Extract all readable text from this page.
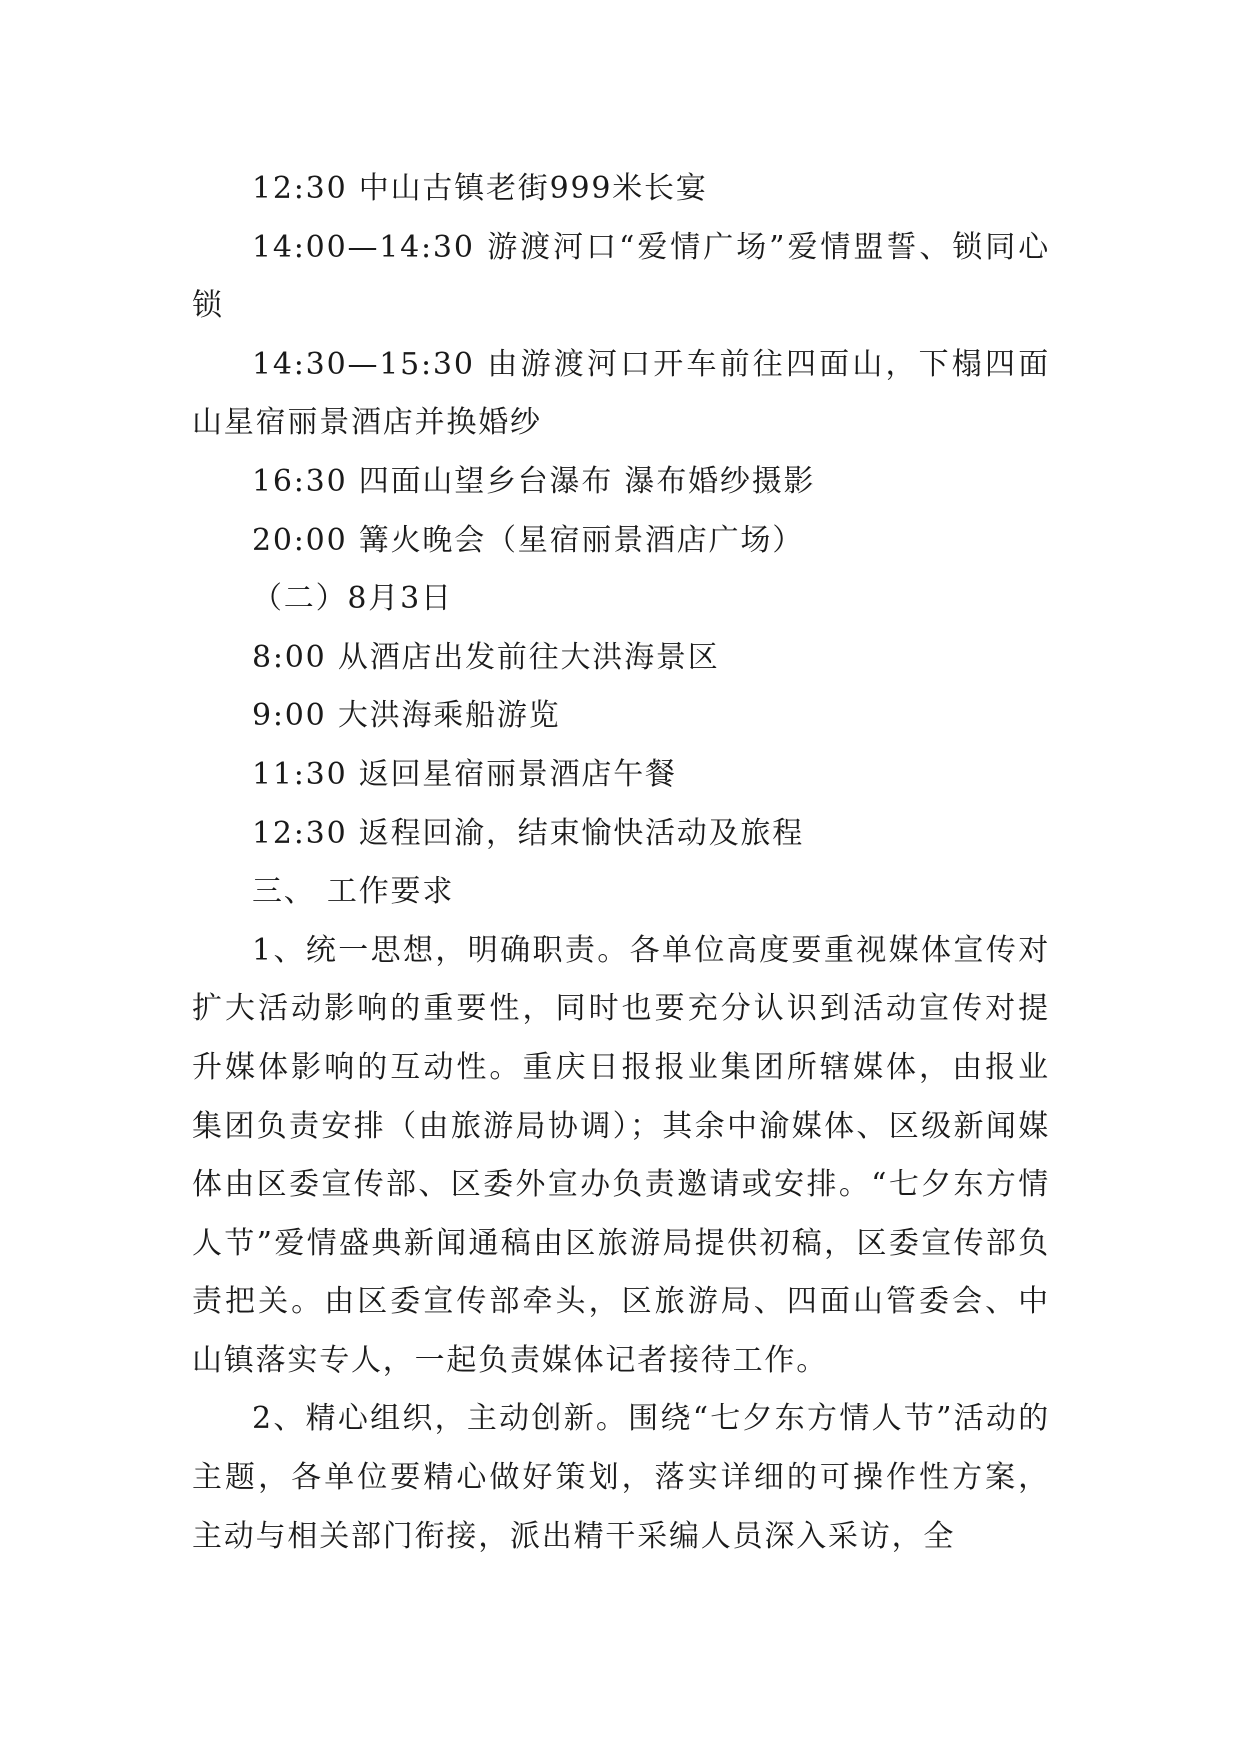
12:30 中山古镇老街999米长宴

14:00—14:30 游渡河口“爱情广场”爱情盟誓、锁同心锁

14:30—15:30 由游渡河口开车前往四面山，下榻四面山星宿丽景酒店并换婚纱

16:30 四面山望乡台瀑布 瀑布婚纱摄影

20:00 篝火晚会（星宿丽景酒店广场）

（二）8月3日

8:00 从酒店出发前往大洪海景区

9:00 大洪海乘船游览

11:30 返回星宿丽景酒店午餐

12:30 返程回渝，结束愉快活动及旅程

三、 工作要求

1、统一思想，明确职责。各单位高度要重视媒体宣传对扩大活动影响的重要性，同时也要充分认识到活动宣传对提升媒体影响的互动性。重庆日报报业集团所辖媒体，由报业集团负责安排（由旅游局协调）；其余中渝媒体、区级新闻媒体由区委宣传部、区委外宣办负责邀请或安排。“七夕东方情人节”爱情盛典新闻通稿由区旅游局提供初稿，区委宣传部负责把关。由区委宣传部牵头，区旅游局、四面山管委会、中山镇落实专人，一起负责媒体记者接待工作。

2、精心组织，主动创新。围绕“七夕东方情人节”活动的主题，各单位要精心做好策划，落实详细的可操作性方案，主动与相关部门衔接，派出精干采编人员深入采访，全
